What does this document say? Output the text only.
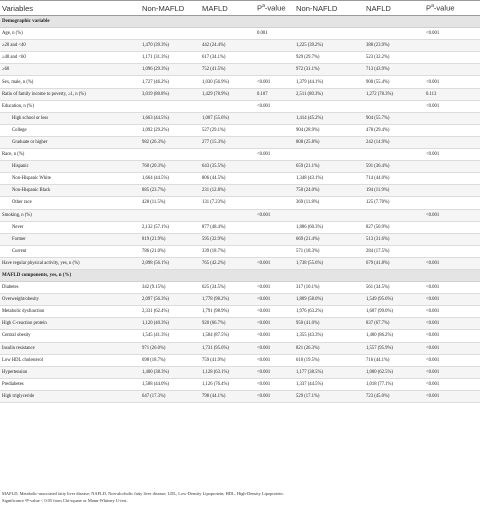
Variables	Non-MAFLD	MAFLD	$P^a$-value	Non-NAFLD	NAFLD	$P^a$-value
Demographic variable						
Age, n (%)			0.001			<0.001
≥20 and <40	1,470 (39.3%)	442 (24.4%)		1,225 (39.2%)	388 (23.9%)	
≥40 and <60	1,171 (31.3%)	617 (34.1%)		929 (29.7%)	523 (32.2%)	
≥60	1,096 (29.3%)	752 (41.5%)		972 (31.1%)	713 (43.9%)	
Sex, male, n (%)	1,727 (46.2%)	1,030 (56.9%)	<0.001	1,379 (44.1%)	900 (55.4%)	<0.001
Ratio of family income to poverty, ≥1, n (%)	3,019 (80.8%)	1,429 (78.9%)	0.107	2,511 (80.3%)	1,272 (78.3%)	0.113
Education, n (%)			<0.001			<0.001
High school or less	1,663 (44.5%)	1,007 (55.6%)		1,414 (45.2%)	904 (55.7%)	
College	1,092 (29.2%)	527 (29.1%)		904 (28.9%)	478 (29.4%)	
Graduate or higher	982 (26.3%)	277 (15.3%)		808 (25.8%)	242 (14.9%)	
Race, n (%)			<0.001			<0.001
Hispanic	760 (20.3%)	643 (35.5%)		659 (21.1%)	591 (36.4%)	
Non-Hispanic White	1,664 (44.5%)	806 (44.5%)		1,348 (43.1%)	714 (44.0%)	
Non-Hispanic Black	885 (23.7%)	231 (12.8%)		750 (24.0%)	194 (11.9%)	
Other race	428 (11.5%)	131 (7.23%)		369 (11.8%)	125 (7.70%)	
Smoking, n (%)			<0.001			<0.001
Never	2,132 (57.1%)	877 (48.4%)		1,886 (60.3%)	827 (50.9%)	
Former	819 (21.9%)	595 (32.9%)		669 (21.4%)	513 (31.6%)	
Current	786 (21.0%)	339 (18.7%)		571 (18.3%)	284 (17.5%)	
Have regular physical activity, yes, n (%)	2,098 (56.1%)	765 (42.2%)	<0.001	1,738 (55.6%)	679 (41.8%)	<0.001
MAFLD components, yes, n (%)						
Diabetes	342 (9.15%)	625 (34.5%)	<0.001	317 (10.1%)	561 (34.5%)	<0.001
Overweight/obesity	2,097 (56.3%)	1,778 (98.2%)	<0.001	1,809 (58.0%)	1,549 (95.6%)	<0.001
Metabolic dysfunction	2,331 (62.4%)	1,791 (98.9%)	<0.001	1,976 (63.2%)	1,607 (99.0%)	<0.001
High C-reaction protein	1,120 (40.3%)	920 (66.7%)	<0.001	950 (41.0%)	837 (67.7%)	<0.001
Central obesity	1,545 (41.3%)	1,584 (87.5%)	<0.001	1,355 (43.3%)	1,400 (86.2%)	<0.001
Insulin resistance	971 (26.0%)	1,731 (95.6%)	<0.001	821 (26.3%)	1,557 (95.9%)	<0.001
Low HDL cholesterol	698 (18.7%)	759 (41.9%)	<0.001	610 (19.5%)	716 (44.1%)	<0.001
Hypertension	1,400 (38.3%)	1,128 (63.1%)	<0.001	1,177 (38.5%)	1,000 (62.5%)	<0.001
Prediabetes	1,588 (44.0%)	1,126 (76.4%)	<0.001	1,337 (44.5%)	1,018 (77.1%)	<0.001
High triglyceride	647 (17.3%)	798 (44.1%)	<0.001	529 (17.1%)	723 (45.0%)	<0.001
MAFLD, Metabolic-associated fatty liver disease; NAFLD, Non-alcoholic fatty liver disease; LDL, Low-Density Lipoprotein; HDL, High-Density Lipoprotein.
Significance ᵃP-value < 0.05 from Chi-square or Mann-Whitney U-test.
